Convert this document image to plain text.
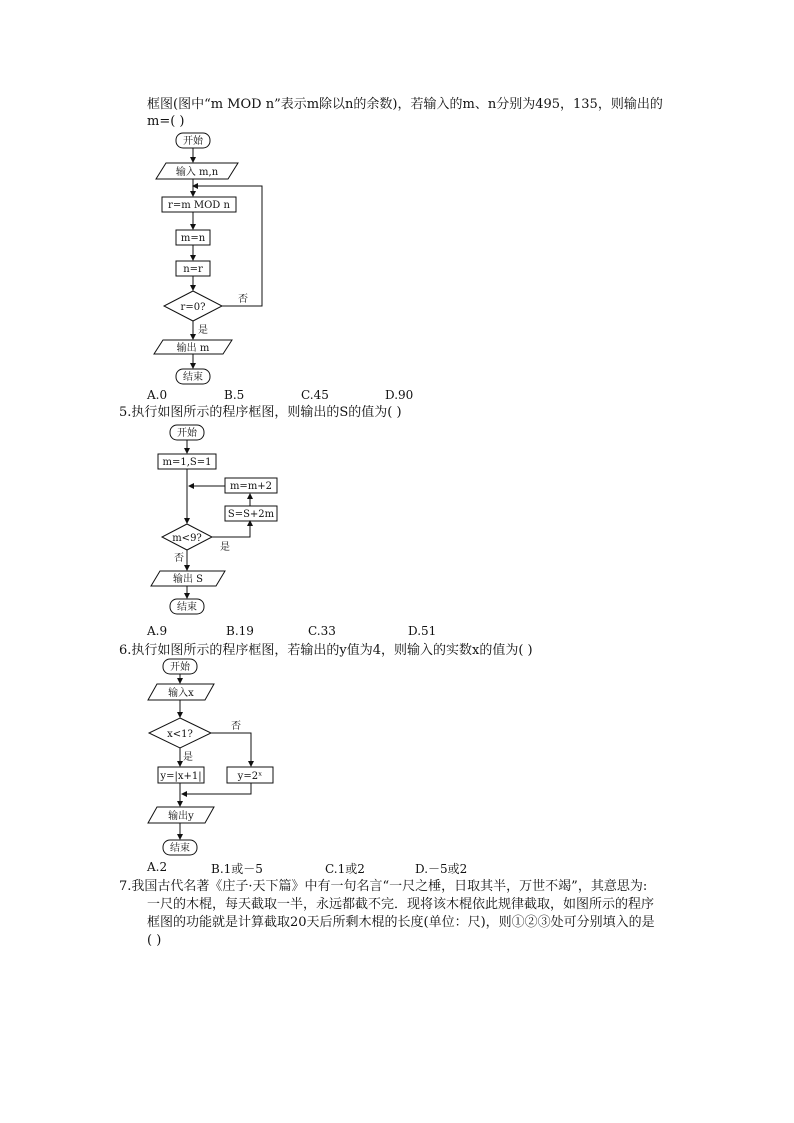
框图(图中“m MOD n”表示m除以n的余数)，若输入的m、n分别为495，135，则输出的
m=( )
开始
输入 m,n
r=m MOD n
m=n
n=r
r=0?
否
是
输出 m
结束
A.0	B.5	C.45	D.90
5.执行如图所示的程序框图，则输出的S的值为( )
开始
m=1,S=1
m=m+2
S=S+2m
m<9?
是
否
输出 S
结束
A.9	B.19	C.33	D.51
6.执行如图所示的程序框图，若输出的y值为4，则输入的实数x的值为( )
开始
输入x
x<1?
否
是
y=|x+1|	y=2ˣ
输出y
结束
A.2	B.1或－5	C.1或2	D.－5或2
7.我国古代名著《庄子·天下篇》中有一句名言“一尺之棰，日取其半，万世不竭”，其意思为:
一尺的木棍，每天截取一半，永远都截不完．现将该木棍依此规律截取，如图所示的程序
框图的功能就是计算截取20天后所剩木棍的长度(单位：尺)，则①②③处可分别填入的是
( )
